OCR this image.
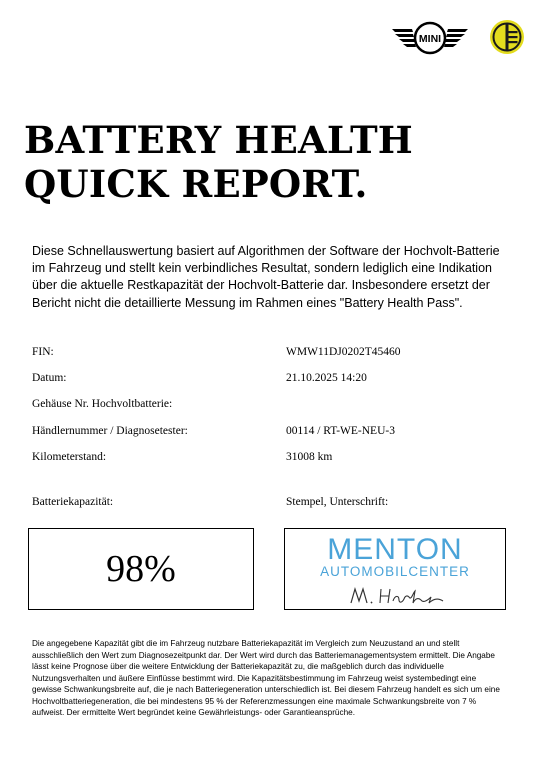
MINI
BATTERY HEALTH
QUICK REPORT.

Diese Schnellauswertung basiert auf Algorithmen der Software der Hochvolt-Batterie im Fahrzeug und stellt kein verbindliches Resultat, sondern lediglich eine Indikation über die aktuelle Restkapazität der Hochvolt-Batterie dar. Insbesondere ersetzt der Bericht nicht die detaillierte Messung im Rahmen eines "Battery Health Pass".

FIN:	WMW11DJ0202T45460
Datum:	21.10.2025 14:20
Gehäuse Nr. Hochvoltbatterie:
Händlernummer / Diagnosetester:	00114 / RT-WE-NEU-3
Kilometerstand:	31008 km
Batteriekapazität:	Stempel, Unterschrift:
98%	MENTON
AUTOMOBILCENTER

Die angegebene Kapazität gibt die im Fahrzeug nutzbare Batteriekapazität im Vergleich zum Neuzustand an und stellt ausschließlich den Wert zum Diagnosezeitpunkt dar. Der Wert wird durch das Batteriemanagementsystem ermittelt. Die Angabe lässt keine Prognose über die weitere Entwicklung der Batteriekapazität zu, die maßgeblich durch das individuelle Nutzungsverhalten und äußere Einflüsse bestimmt wird. Die Kapazitätsbestimmung im Fahrzeug weist systembedingt eine gewisse Schwankungsbreite auf, die je nach Batteriegeneration unterschiedlich ist. Bei diesem Fahrzeug handelt es sich um eine Hochvoltbatteriegeneration, die bei mindestens 95 % der Referenzmessungen eine maximale Schwankungsbreite von 7 % aufweist. Der ermittelte Wert begründet keine Gewährleistungs- oder Garantieansprüche.
